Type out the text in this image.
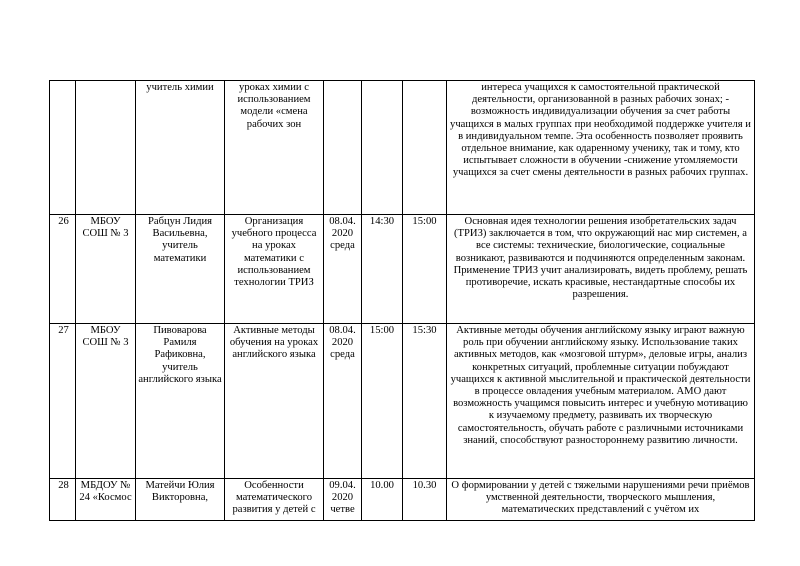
		учитель химии	уроках химии с использованием модели «смена рабочих зон				интереса учащихся к самостоятельной практической деятельности, организованной в разных рабочих зонах; - возможность индивидуализации обучения за счет работы учащихся в малых группах при необходимой поддержке учителя и в индивидуальном темпе. Эта особенность позволяет проявить отдельное внимание, как одаренному ученику, так и тому, кто испытывает сложности в обучении -снижение утомляемости учащихся за счет смены деятельности в разных рабочих группах.
26	МБОУ СОШ № 3	Рабцун Лидия Васильевна, учитель математики	Организация учебного процесса на уроках математики с использованием технологии ТРИЗ	08.04. 2020 среда	14:30	15:00	Основная идея технологии решения изобретательских задач (ТРИЗ) заключается в том, что окружающий нас мир системен, а все системы: технические, биологические, социальные возникают, развиваются и подчиняются определенным законам. Применение ТРИЗ учит анализировать, видеть проблему, решать противоречие, искать красивые, нестандартные способы их разрешения.
27	МБОУ СОШ № 3	Пивоварова Рамиля Рафиковна, учитель английского языка	Активные методы обучения на уроках английского языка	08.04. 2020 среда	15:00	15:30	Активные методы обучения английскому языку играют важную роль при обучении английскому языку. Использование таких активных методов, как «мозговой штурм», деловые игры, анализ конкретных ситуаций, проблемные ситуации побуждают учащихся к активной мыслительной и практической деятельности в процессе овладения учебным материалом. АМО дают возможность учащимся повысить интерес и учебную мотивацию к изучаемому предмету, развивать их творческую самостоятельность, обучать работе с различными источниками знаний, способствуют разностороннему развитию личности.
28	МБДОУ № 24 «Космос	Матейчи Юлия Викторовна,	Особенности математического развития у детей с	09.04. 2020 четве	10.00	10.30	О формировании у детей с тяжелыми нарушениями речи приёмов умственной деятельности, творческого мышления, математических представлений с учётом их
